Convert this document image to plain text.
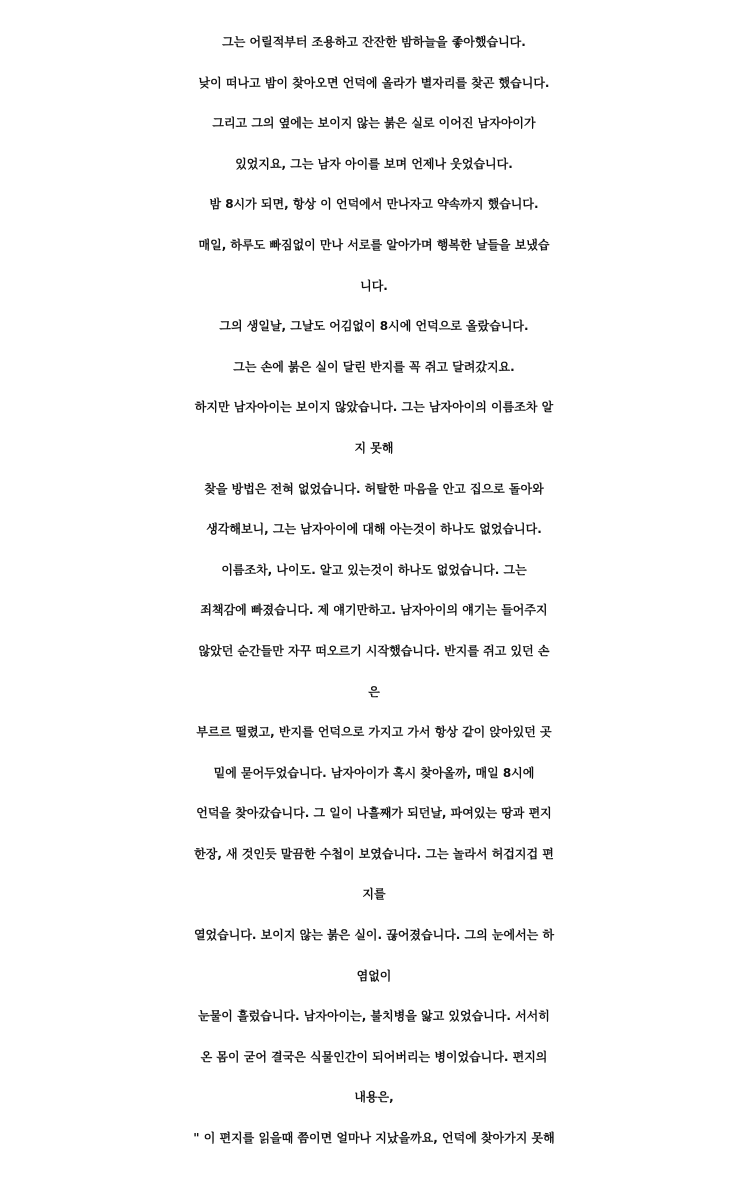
그는 어릴적부터 조용하고 잔잔한 밤하늘을 좋아했습니다.
낮이 떠나고 밤이 찾아오면 언덕에 올라가 별자리를 찾곤 했습니다.
그리고 그의 옆에는 보이지 않는 붉은 실로 이어진 남자아이가
있었지요, 그는 남자 아이를 보며 언제나 웃었습니다.
밤 8시가 되면, 항상 이 언덕에서 만나자고 약속까지 했습니다.
매일, 하루도 빠짐없이 만나 서로를 알아가며 행복한 날들을 보냈습
니다.
그의 생일날, 그날도 어김없이 8시에 언덕으로 올랐습니다.
그는 손에 붉은 실이 달린 반지를 꼭 쥐고 달려갔지요.
하지만 남자아이는 보이지 않았습니다. 그는 남자아이의 이름조차 알
지 못해
찾을 방법은 전혀 없었습니다. 허탈한 마음을 안고 집으로 돌아와
생각해보니, 그는 남자아이에 대해 아는것이 하나도 없었습니다.
이름조차, 나이도. 알고 있는것이 하나도 없었습니다. 그는
죄책감에 빠졌습니다. 제 얘기만하고. 남자아이의 얘기는 들어주지
않았던 순간들만 자꾸 떠오르기 시작했습니다. 반지를 쥐고 있던 손
은
부르르 떨렸고, 반지를 언덕으로 가지고 가서 항상 같이 앉아있던 곳
밑에 묻어두었습니다. 남자아이가 혹시 찾아올까, 매일 8시에
언덕을 찾아갔습니다. 그 일이 나흘째가 되던날, 파여있는 땅과 편지
한장, 새 것인듯 말끔한 수첩이 보였습니다. 그는 놀라서 허겁지겁 편
지를
열었습니다. 보이지 않는 붉은 실이. 끊어졌습니다. 그의 눈에서는 하
염없이
눈물이 흘렀습니다. 남자아이는, 불치병을 앓고 있었습니다. 서서히
온 몸이 굳어 결국은 식물인간이 되어버리는 병이었습니다. 편지의
내용은,
" 이 편지를 읽을때 쯤이면 얼마나 지났을까요, 언덕에 찾아가지 못해
